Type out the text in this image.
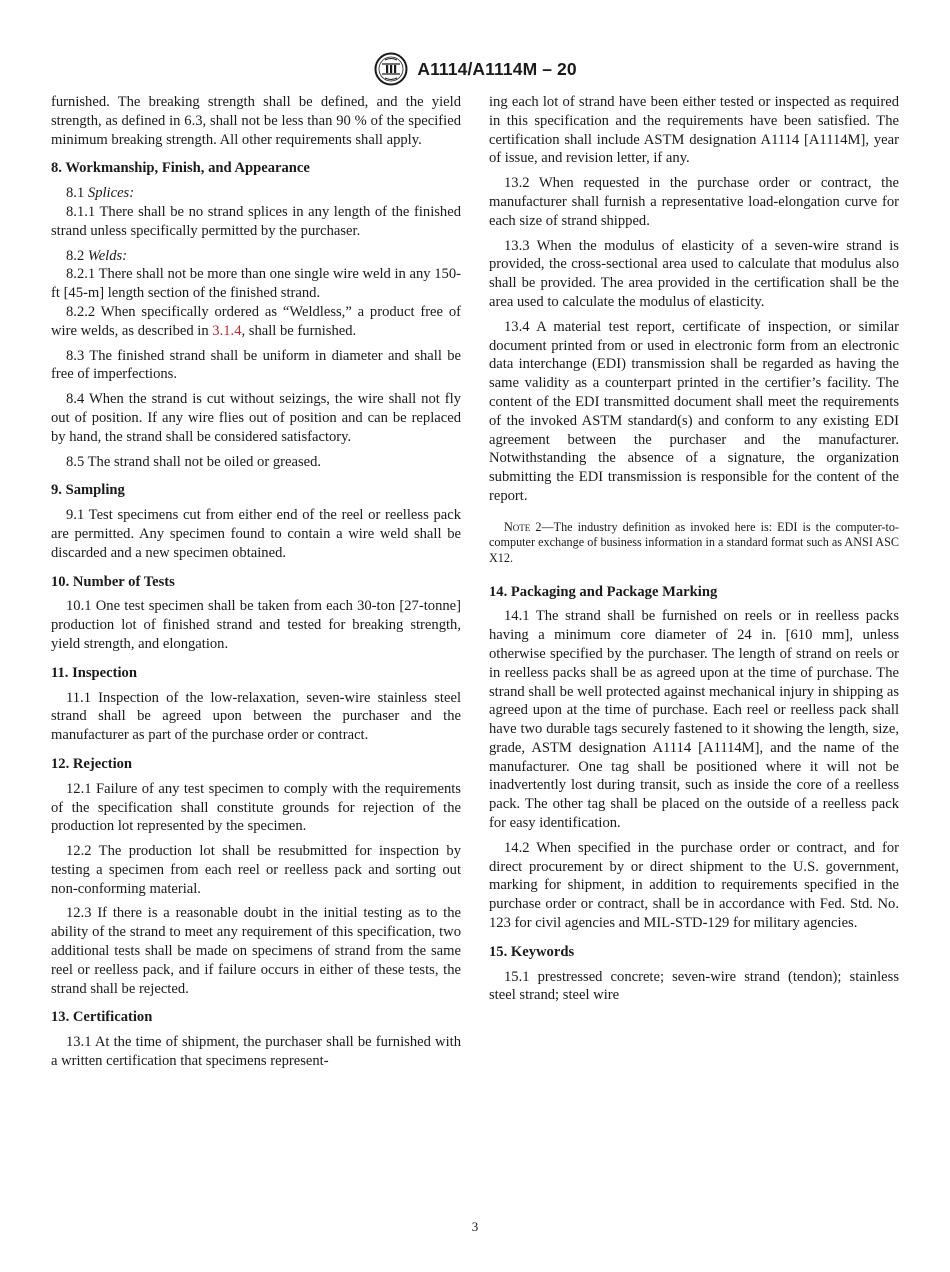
A1114/A1114M – 20

furnished. The breaking strength shall be defined, and the yield strength, as defined in 6.3, shall not be less than 90 % of the specified minimum breaking strength. All other requirements shall apply.

8. Workmanship, Finish, and Appearance

8.1 Splices:

8.1.1 There shall be no strand splices in any length of the finished strand unless specifically permitted by the purchaser.

8.2 Welds:

8.2.1 There shall not be more than one single wire weld in any 150-ft [45-m] length section of the finished strand.

8.2.2 When specifically ordered as “Weldless,” a product free of wire welds, as described in 3.1.4, shall be furnished.

8.3 The finished strand shall be uniform in diameter and shall be free of imperfections.

8.4 When the strand is cut without seizings, the wire shall not fly out of position. If any wire flies out of position and can be replaced by hand, the strand shall be considered satisfactory.

8.5 The strand shall not be oiled or greased.

9. Sampling

9.1 Test specimens cut from either end of the reel or reelless pack are permitted. Any specimen found to contain a wire weld shall be discarded and a new specimen obtained.

10. Number of Tests

10.1 One test specimen shall be taken from each 30-ton [27-tonne] production lot of finished strand and tested for breaking strength, yield strength, and elongation.

11. Inspection

11.1 Inspection of the low-relaxation, seven-wire stainless steel strand shall be agreed upon between the purchaser and the manufacturer as part of the purchase order or contract.

12. Rejection

12.1 Failure of any test specimen to comply with the requirements of the specification shall constitute grounds for rejection of the production lot represented by the specimen.

12.2 The production lot shall be resubmitted for inspection by testing a specimen from each reel or reelless pack and sorting out non-conforming material.

12.3 If there is a reasonable doubt in the initial testing as to the ability of the strand to meet any requirement of this specification, two additional tests shall be made on specimens of strand from the same reel or reelless pack, and if failure occurs in either of these tests, the strand shall be rejected.

13. Certification

13.1 At the time of shipment, the purchaser shall be furnished with a written certification that specimens represent-

ing each lot of strand have been either tested or inspected as required in this specification and the requirements have been satisfied. The certification shall include ASTM designation A1114 [A1114M], year of issue, and revision letter, if any.

13.2 When requested in the purchase order or contract, the manufacturer shall furnish a representative load-elongation curve for each size of strand shipped.

13.3 When the modulus of elasticity of a seven-wire strand is provided, the cross-sectional area used to calculate that modulus also shall be provided. The area provided in the certification shall be the area used to calculate the modulus of elasticity.

13.4 A material test report, certificate of inspection, or similar document printed from or used in electronic form from an electronic data interchange (EDI) transmission shall be regarded as having the same validity as a counterpart printed in the certifier’s facility. The content of the EDI transmitted document shall meet the requirements of the invoked ASTM standard(s) and conform to any existing EDI agreement between the purchaser and the manufacturer. Notwithstanding the absence of a signature, the organization submitting the EDI transmission is responsible for the content of the report.

Note 2—The industry definition as invoked here is: EDI is the computer-to-computer exchange of business information in a standard format such as ANSI ASC X12.

14. Packaging and Package Marking

14.1 The strand shall be furnished on reels or in reelless packs having a minimum core diameter of 24 in. [610 mm], unless otherwise specified by the purchaser. The length of strand on reels or in reelless packs shall be as agreed upon at the time of purchase. The strand shall be well protected against mechanical injury in shipping as agreed upon at the time of purchase. Each reel or reelless pack shall have two durable tags securely fastened to it showing the length, size, grade, ASTM designation A1114 [A1114M], and the name of the manufacturer. One tag shall be positioned where it will not be inadvertently lost during transit, such as inside the core of a reelless pack. The other tag shall be placed on the outside of a reelless pack for easy identification.

14.2 When specified in the purchase order or contract, and for direct procurement by or direct shipment to the U.S. government, marking for shipment, in addition to requirements specified in the purchase order or contract, shall be in accordance with Fed. Std. No. 123 for civil agencies and MIL-STD-129 for military agencies.

15. Keywords

15.1 prestressed concrete; seven-wire strand (tendon); stainless steel strand; steel wire

3
